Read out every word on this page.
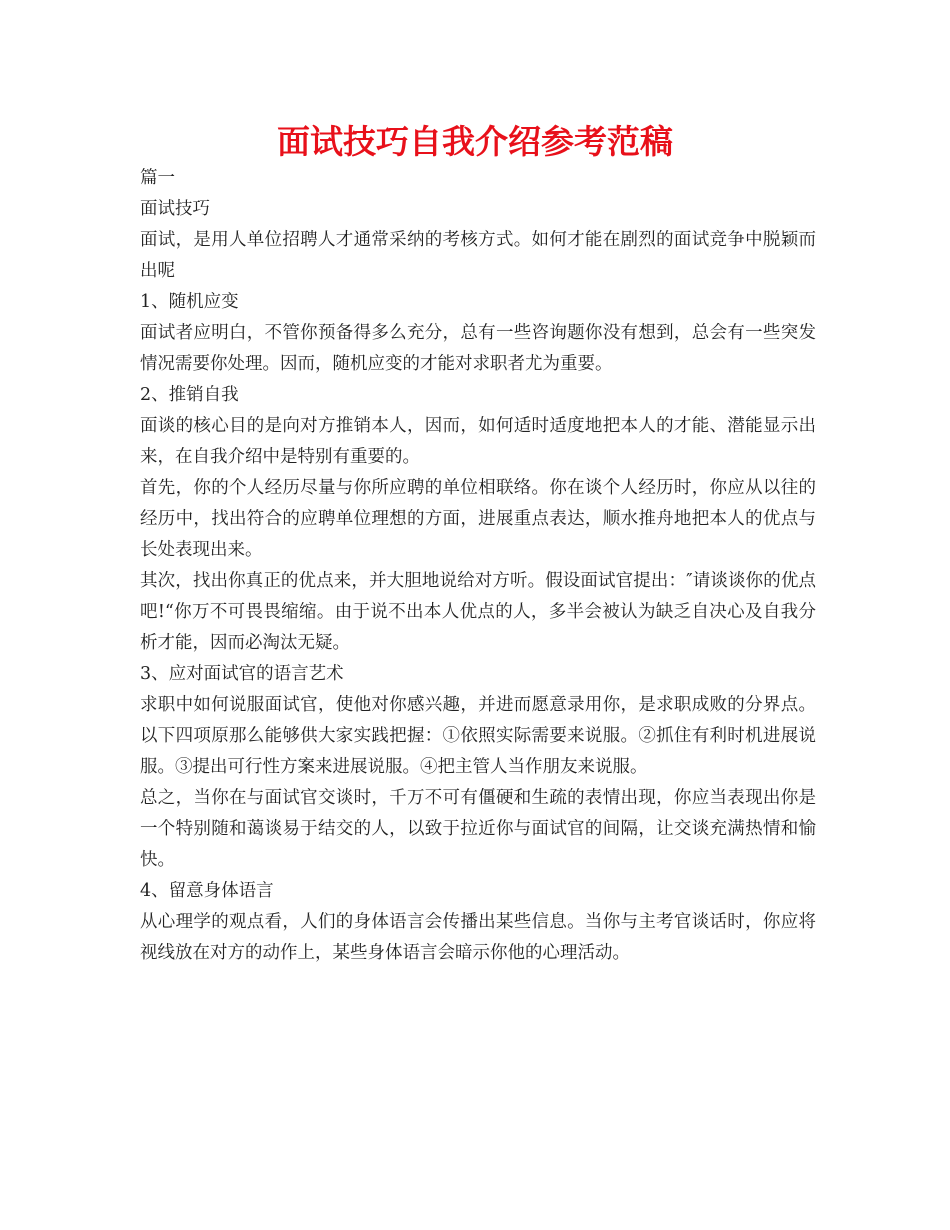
面试技巧自我介绍参考范稿

篇一

面试技巧

面试，是用人单位招聘人才通常采纳的考核方式。如何才能在剧烈的面试竞争中脱颖而出呢

1、随机应变

面试者应明白，不管你预备得多么充分，总有一些咨询题你没有想到，总会有一些突发情况需要你处理。因而，随机应变的才能对求职者尤为重要。

2、推销自我

面谈的核心目的是向对方推销本人，因而，如何适时适度地把本人的才能、潜能显示出来，在自我介绍中是特别有重要的。

首先，你的个人经历尽量与你所应聘的单位相联络。你在谈个人经历时，你应从以往的经历中，找出符合的应聘单位理想的方面，进展重点表达，顺水推舟地把本人的优点与长处表现出来。

其次，找出你真正的优点来，并大胆地说给对方听。假设面试官提出：″请谈谈你的优点吧!“你万不可畏畏缩缩。由于说不出本人优点的人，多半会被认为缺乏自决心及自我分析才能，因而必淘汰无疑。

3、应对面试官的语言艺术

求职中如何说服面试官，使他对你感兴趣，并进而愿意录用你，是求职成败的分界点。以下四项原那么能够供大家实践把握：①依照实际需要来说服。②抓住有利时机进展说服。③提出可行性方案来进展说服。④把主管人当作朋友来说服。

总之，当你在与面试官交谈时，千万不可有僵硬和生疏的表情出现，你应当表现出你是一个特别随和蔼谈易于结交的人，以致于拉近你与面试官的间隔，让交谈充满热情和愉快。

4、留意身体语言

从心理学的观点看，人们的身体语言会传播出某些信息。当你与主考官谈话时，你应将视线放在对方的动作上，某些身体语言会暗示你他的心理活动。
